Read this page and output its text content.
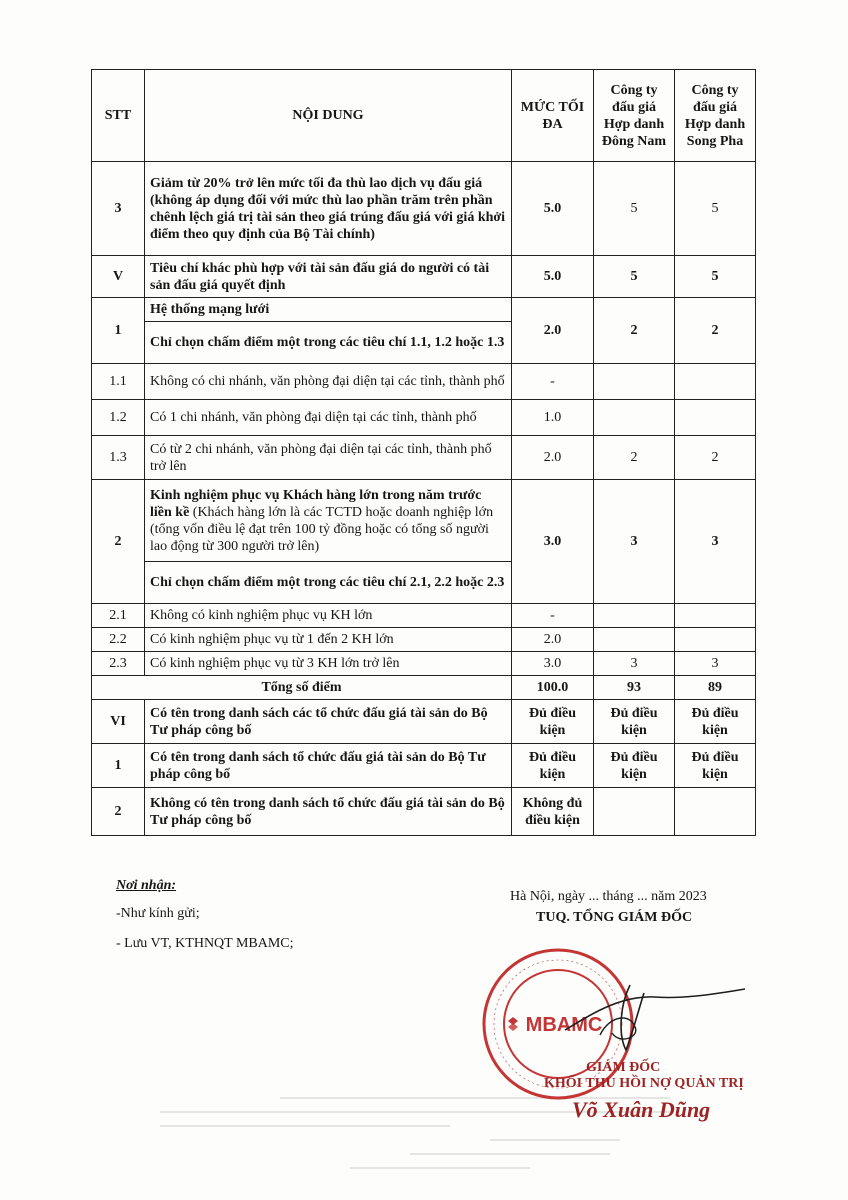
STT	NỘI DUNG	MỨC TỐI ĐA	Công ty đấu giá Hợp danh Đông Nam	Công ty đấu giá Hợp danh Song Pha
3	Giảm từ 20% trở lên mức tối đa thù lao dịch vụ đấu giá (không áp dụng đối với mức thù lao phần trăm trên phần chênh lệch giá trị tài sản theo giá trúng đấu giá với giá khởi điểm theo quy định của Bộ Tài chính)	5.0	5	5
V	Tiêu chí khác phù hợp với tài sản đấu giá do người có tài sản đấu giá quyết định	5.0	5	5
1	Hệ thống mạng lưới	2.0	2	2
	Chỉ chọn chấm điểm một trong các tiêu chí 1.1, 1.2 hoặc 1.3			
1.1	Không có chi nhánh, văn phòng đại diện tại các tỉnh, thành phố	-		
1.2	Có 1 chi nhánh, văn phòng đại diện tại các tỉnh, thành phố	1.0		
1.3	Có từ 2 chi nhánh, văn phòng đại diện tại các tỉnh, thành phố trở lên	2.0	2	2
2	Kinh nghiệm phục vụ Khách hàng lớn trong năm trước liền kề (Khách hàng lớn là các TCTD hoặc doanh nghiệp lớn (tổng vốn điều lệ đạt trên 100 tỷ đồng hoặc có tổng số người lao động từ 300 người trở lên)	3.0	3	3
	Chỉ chọn chấm điểm một trong các tiêu chí 2.1, 2.2 hoặc 2.3			
2.1	Không có kinh nghiệm phục vụ KH lớn	-		
2.2	Có kinh nghiệm phục vụ từ 1 đến 2 KH lớn	2.0		
2.3	Có kinh nghiệm phục vụ từ 3 KH lớn trở lên	3.0	3	3
Tổng số điểm		100.0	93	89
VI	Có tên trong danh sách các tổ chức đấu giá tài sản do Bộ Tư pháp công bố	Đủ điều kiện	Đủ điều kiện	Đủ điều kiện
1	Có tên trong danh sách tổ chức đấu giá tài sản do Bộ Tư pháp công bố	Đủ điều kiện	Đủ điều kiện	Đủ điều kiện
2	Không có tên trong danh sách tổ chức đấu giá tài sản do Bộ Tư pháp công bố	Không đủ điều kiện		
Nơi nhận:
-Như kính gửi;
- Lưu VT, KTHNQT MBAMC;
Hà Nội, ngày ... tháng ... năm 2023
TUQ. TỔNG GIÁM ĐỐC
MBAMC
GIÁM ĐỐC
KHỐI THU HỒI NỢ QUẢN TRỊ
Võ Xuân Dũng
